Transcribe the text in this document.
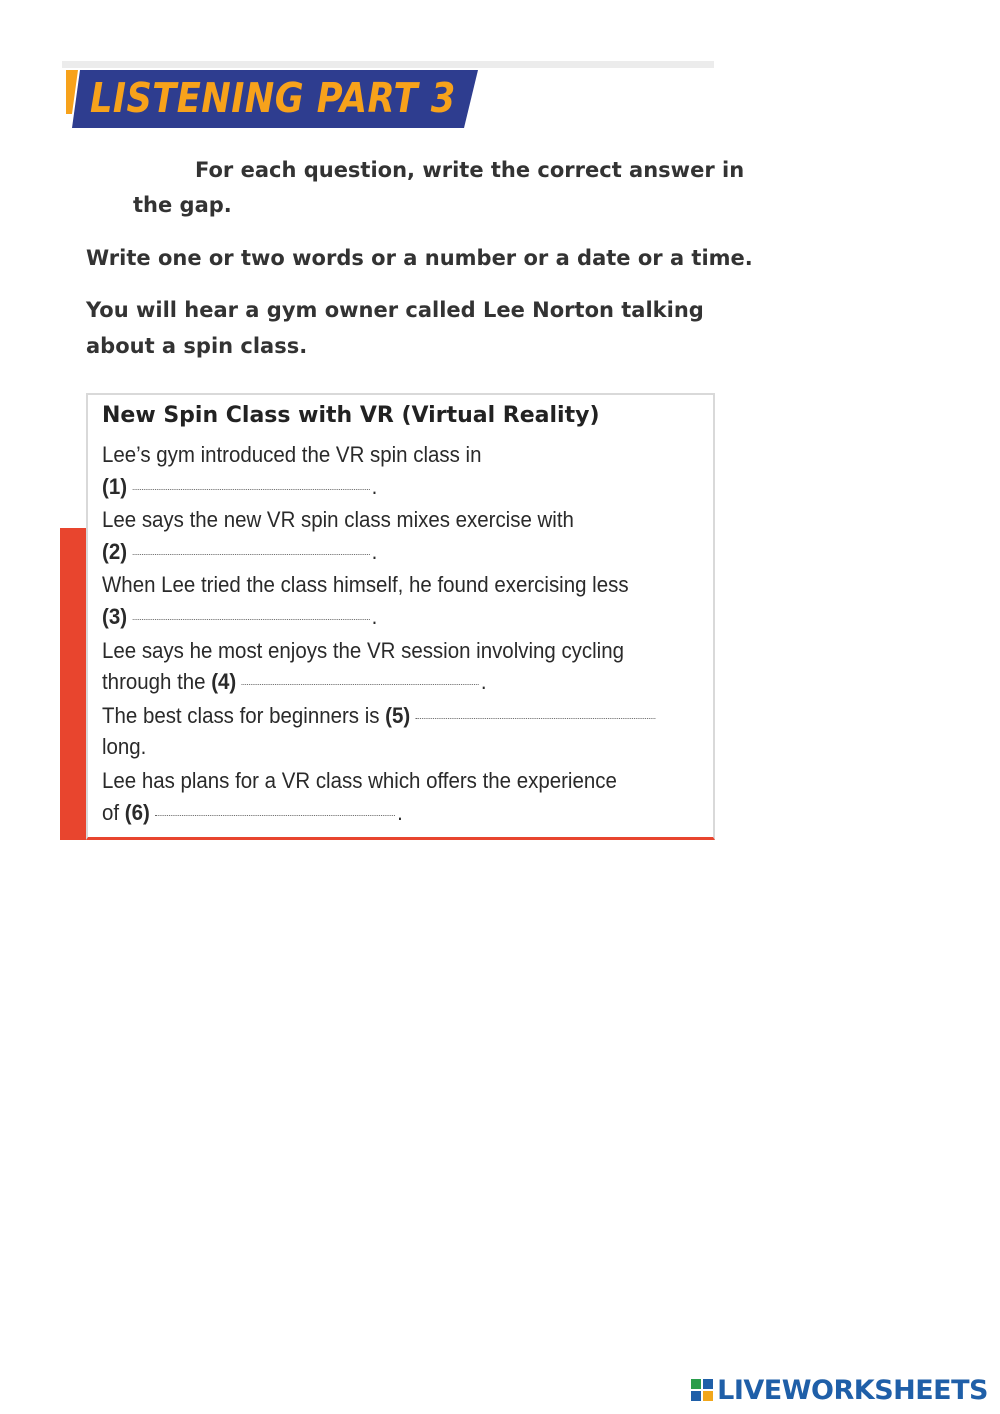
LISTENING PART 3

For each question, write the correct answer in

the gap.

Write one or two words or a number or a date or a time.

You will hear a gym owner called Lee Norton talking

about a spin class.

New Spin Class with VR (Virtual Reality)
Lee’s gym introduced the VR spin class in
(1)	.
Lee says the new VR spin class mixes exercise with
(2)	.
When Lee tried the class himself, he found exercising less
(3)	.
Lee says he most enjoys the VR session involving cycling
through the (4)	.
The best class for beginners is (5)
long.
Lee has plans for a VR class which offers the experience
of (6)	.
LIVEWORKSHEETS
